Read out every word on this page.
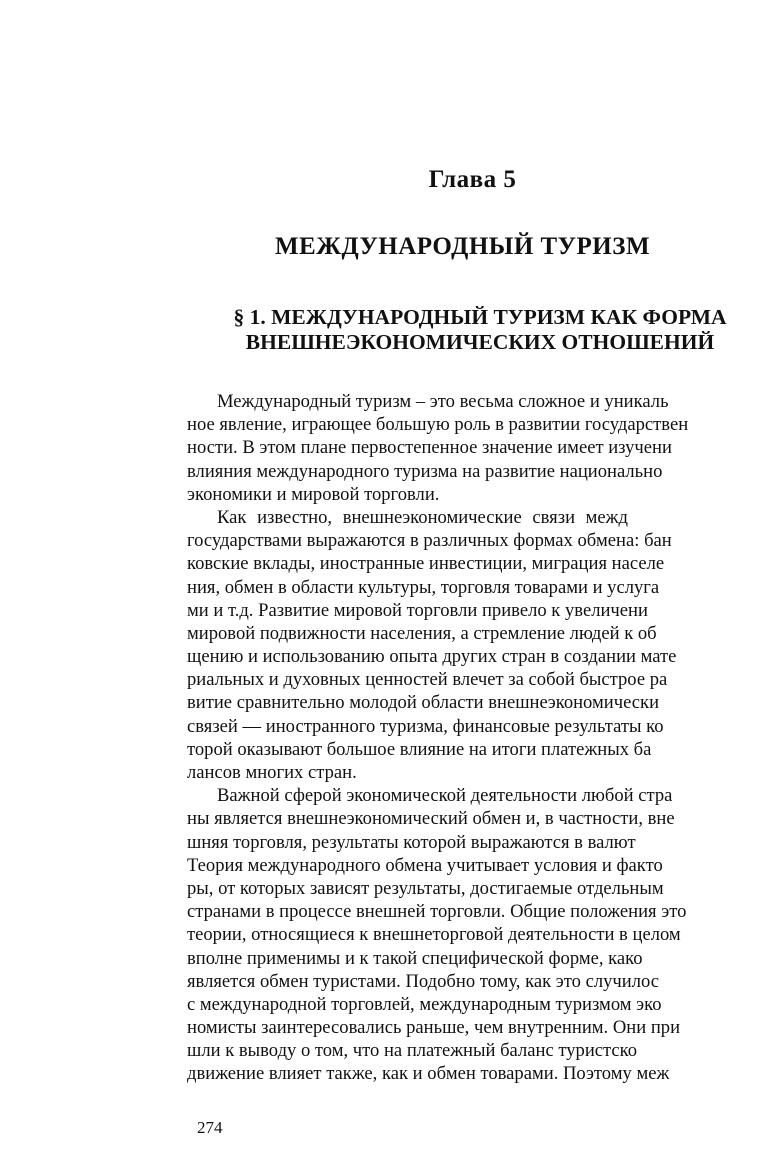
Глава 5
МЕЖДУНАРОДНЫЙ ТУРИЗМ
§ 1. МЕЖДУНАРОДНЫЙ ТУРИЗМ КАК ФОРМА
ВНЕШНЕЭКОНОМИЧЕСКИХ ОТНОШЕНИЙ
Международный туризм – это весьма сложное и уникаль
ное явление, играющее большую роль в развитии государствен
ности. В этом плане первостепенное значение имеет изучени
влияния международного туризма на развитие национально
экономики и мировой торговли.
Как известно, внешнеэкономические связи межд
государствами выражаются в различных формах обмена: бан
ковские вклады, иностранные инвестиции, миграция населе
ния, обмен в области культуры, торговля товарами и услуга
ми и т.д. Развитие мировой торговли привело к увеличени
мировой подвижности населения, а стремление людей к об
щению и использованию опыта других стран в создании мате
риальных и духовных ценностей влечет за собой быстрое ра
витие сравнительно молодой области внешнеэкономически
связей — иностранного туризма, финансовые результаты ко
торой оказывают большое влияние на итоги платежных ба
лансов многих стран.
Важной сферой экономической деятельности любой стра
ны является внешнеэкономический обмен и, в частности, вне
шняя торговля, результаты которой выражаются в валют
Теория международного обмена учитывает условия и факто
ры, от которых зависят результаты, достигаемые отдельным
странами в процессе внешней торговли. Общие положения это
теории, относящиеся к внешнеторговой деятельности в целом
вполне применимы и к такой специфической форме, како
является обмен туристами. Подобно тому, как это случилос
с международной торговлей, международным туризмом эко
номисты заинтересовались раньше, чем внутренним. Они при
шли к выводу о том, что на платежный баланс туристско
движение влияет также, как и обмен товарами. Поэтому меж
274
